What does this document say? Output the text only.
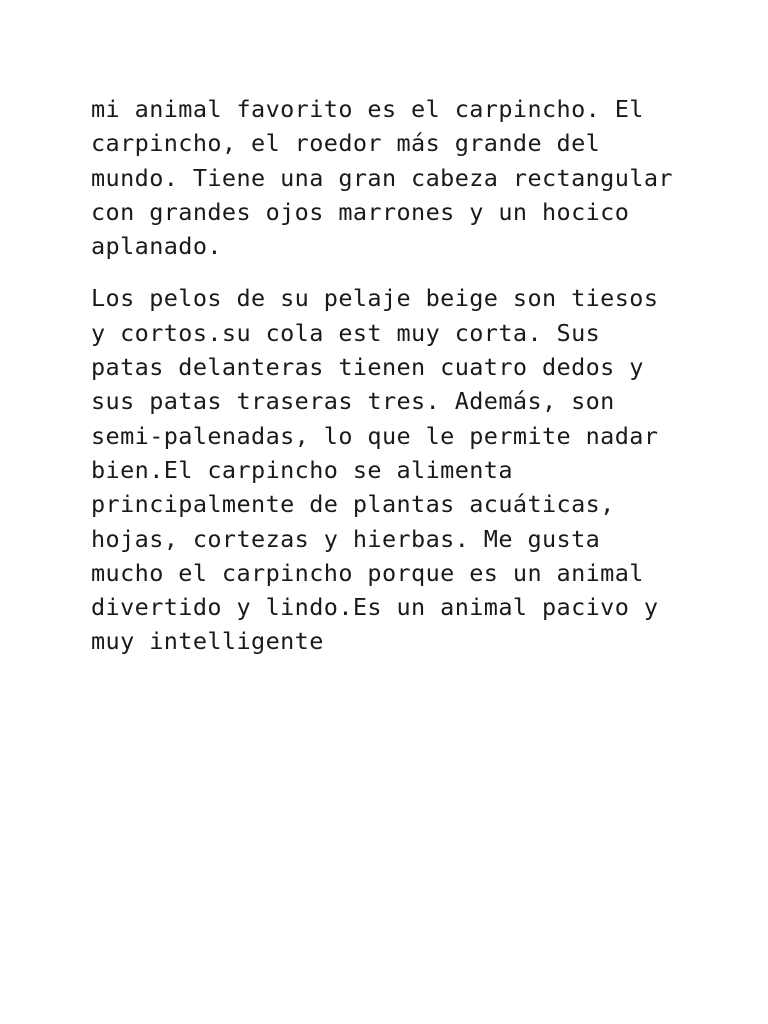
mi animal favorito es el carpincho. El
carpincho, el roedor más grande del
mundo. Tiene una gran cabeza rectangular
con grandes ojos marrones y un hocico
aplanado.

Los pelos de su pelaje beige son tiesos
y cortos.su cola est muy corta. Sus
patas delanteras tienen cuatro dedos y
sus patas traseras tres. Además, son
semi-palenadas, lo que le permite nadar
bien.El carpincho se alimenta
principalmente de plantas acuáticas,
hojas, cortezas y hierbas. Me gusta
mucho el carpincho porque es un animal
divertido y lindo.Es un animal pacivo y
muy intelligente
